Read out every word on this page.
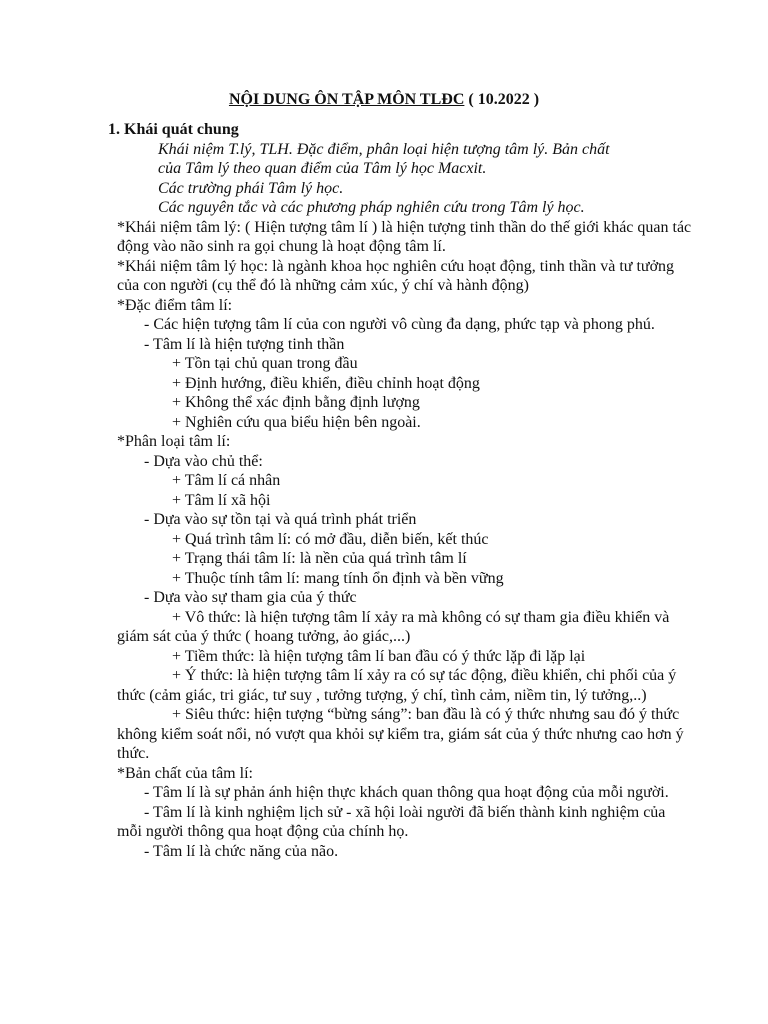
NỘI DUNG ÔN TẬP MÔN TLĐC ( 10.2022 )

1. Khái quát chung

Khái niệm T.lý, TLH. Đặc điểm, phân loại hiện tượng tâm lý. Bản chất

của Tâm lý theo quan điểm của Tâm lý học Macxit.

Các trường phái Tâm lý học.

Các nguyên tắc và các phương pháp nghiên cứu trong Tâm lý học.

*Khái niệm tâm lý: ( Hiện tượng tâm lí ) là hiện tượng tinh thần do thế giới khác quan tác động vào não sinh ra gọi chung là hoạt động tâm lí.

*Khái niệm tâm lý học: là ngành khoa học nghiên cứu hoạt động, tinh thần và tư tưởng của con người (cụ thể đó là những cảm xúc, ý chí và hành động)

*Đặc điểm tâm lí:

- Các hiện tượng tâm lí của con người vô cùng đa dạng, phức tạp và phong phú.

- Tâm lí là hiện tượng tinh thần

+ Tồn tại chủ quan trong đầu

+ Định hướng, điều khiển, điều chỉnh hoạt động

+ Không thể xác định bằng định lượng

+ Nghiên cứu qua biểu hiện bên ngoài.

*Phân loại tâm lí:

- Dựa vào chủ thể:

+ Tâm lí cá nhân

+ Tâm lí xã hội

- Dựa vào sự tồn tại và quá trình phát triển

+ Quá trình tâm lí: có mở đầu, diễn biến, kết thúc

+ Trạng thái tâm lí: là nền của quá trình tâm lí

+ Thuộc tính tâm lí: mang tính ổn định và bền vững

- Dựa vào sự tham gia của ý thức

+ Vô thức: là hiện tượng tâm lí xảy ra mà không có sự tham gia điều khiển và giám sát của ý thức ( hoang tưởng, ảo giác,...)

+ Tiềm thức: là hiện tượng tâm lí ban đầu có ý thức lặp đi lặp lại

+ Ý thức: là hiện tượng tâm lí xảy ra có sự tác động, điều khiển, chi phối của ý thức (cảm giác, tri giác, tư suy , tưởng tượng, ý chí, tình cảm, niềm tin, lý tưởng,..)

+ Siêu thức: hiện tượng “bừng sáng”: ban đầu là có ý thức nhưng sau đó ý thức không kiểm soát nổi, nó vượt qua khỏi sự kiểm tra, giám sát của ý thức nhưng cao hơn ý thức.

*Bản chất của tâm lí:

- Tâm lí là sự phản ánh hiện thực khách quan thông qua hoạt động của mỗi người.

- Tâm lí là kinh nghiệm lịch sử - xã hội loài người đã biến thành kinh nghiệm của mỗi người thông qua hoạt động của chính họ.

- Tâm lí là chức năng của não.
